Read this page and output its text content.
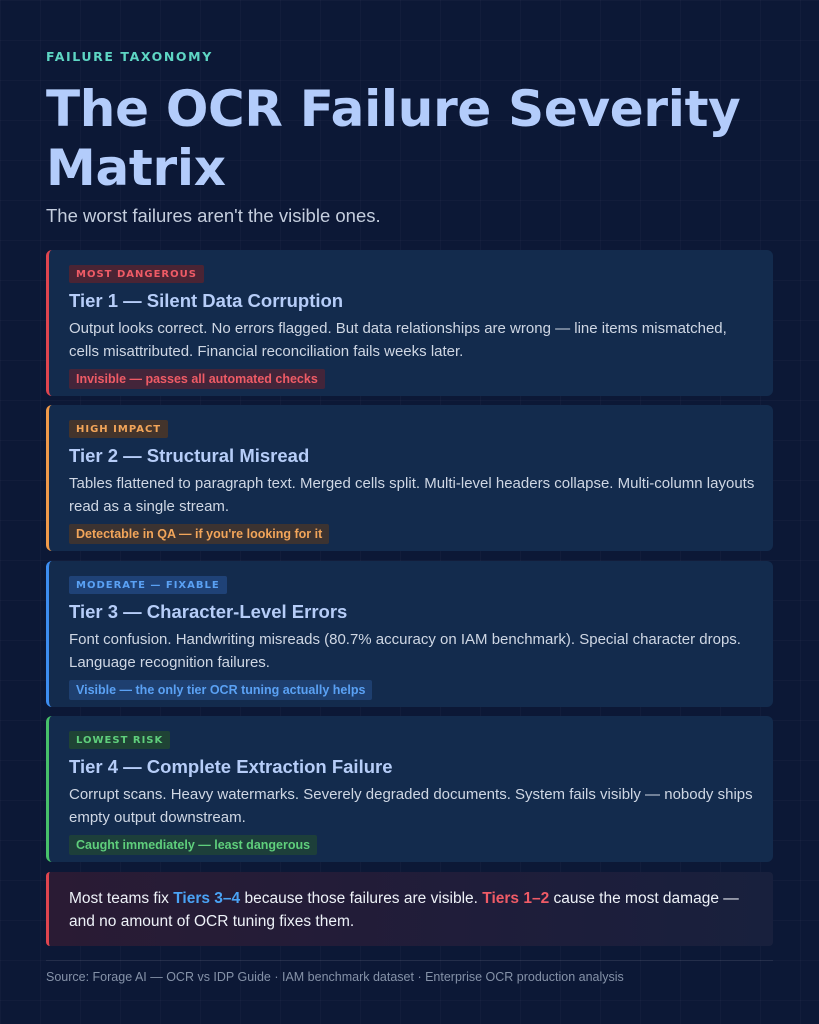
FAILURE TAXONOMY
The OCR Failure Severity Matrix
The worst failures aren't the visible ones.
MOST DANGEROUS
Tier 1 — Silent Data Corruption
Output looks correct. No errors flagged. But data relationships are wrong — line items mismatched, cells misattributed. Financial reconciliation fails weeks later.
Invisible — passes all automated checks
HIGH IMPACT
Tier 2 — Structural Misread
Tables flattened to paragraph text. Merged cells split. Multi-level headers collapse. Multi-column layouts read as a single stream.
Detectable in QA — if you're looking for it
MODERATE — FIXABLE
Tier 3 — Character-Level Errors
Font confusion. Handwriting misreads (80.7% accuracy on IAM benchmark). Special character drops. Language recognition failures.
Visible — the only tier OCR tuning actually helps
LOWEST RISK
Tier 4 — Complete Extraction Failure
Corrupt scans. Heavy watermarks. Severely degraded documents. System fails visibly — nobody ships empty output downstream.
Caught immediately — least dangerous
Most teams fix Tiers 3–4 because those failures are visible. Tiers 1–2 cause the most damage — and no amount of OCR tuning fixes them.
Source: Forage AI — OCR vs IDP Guide · IAM benchmark dataset · Enterprise OCR production analysis
